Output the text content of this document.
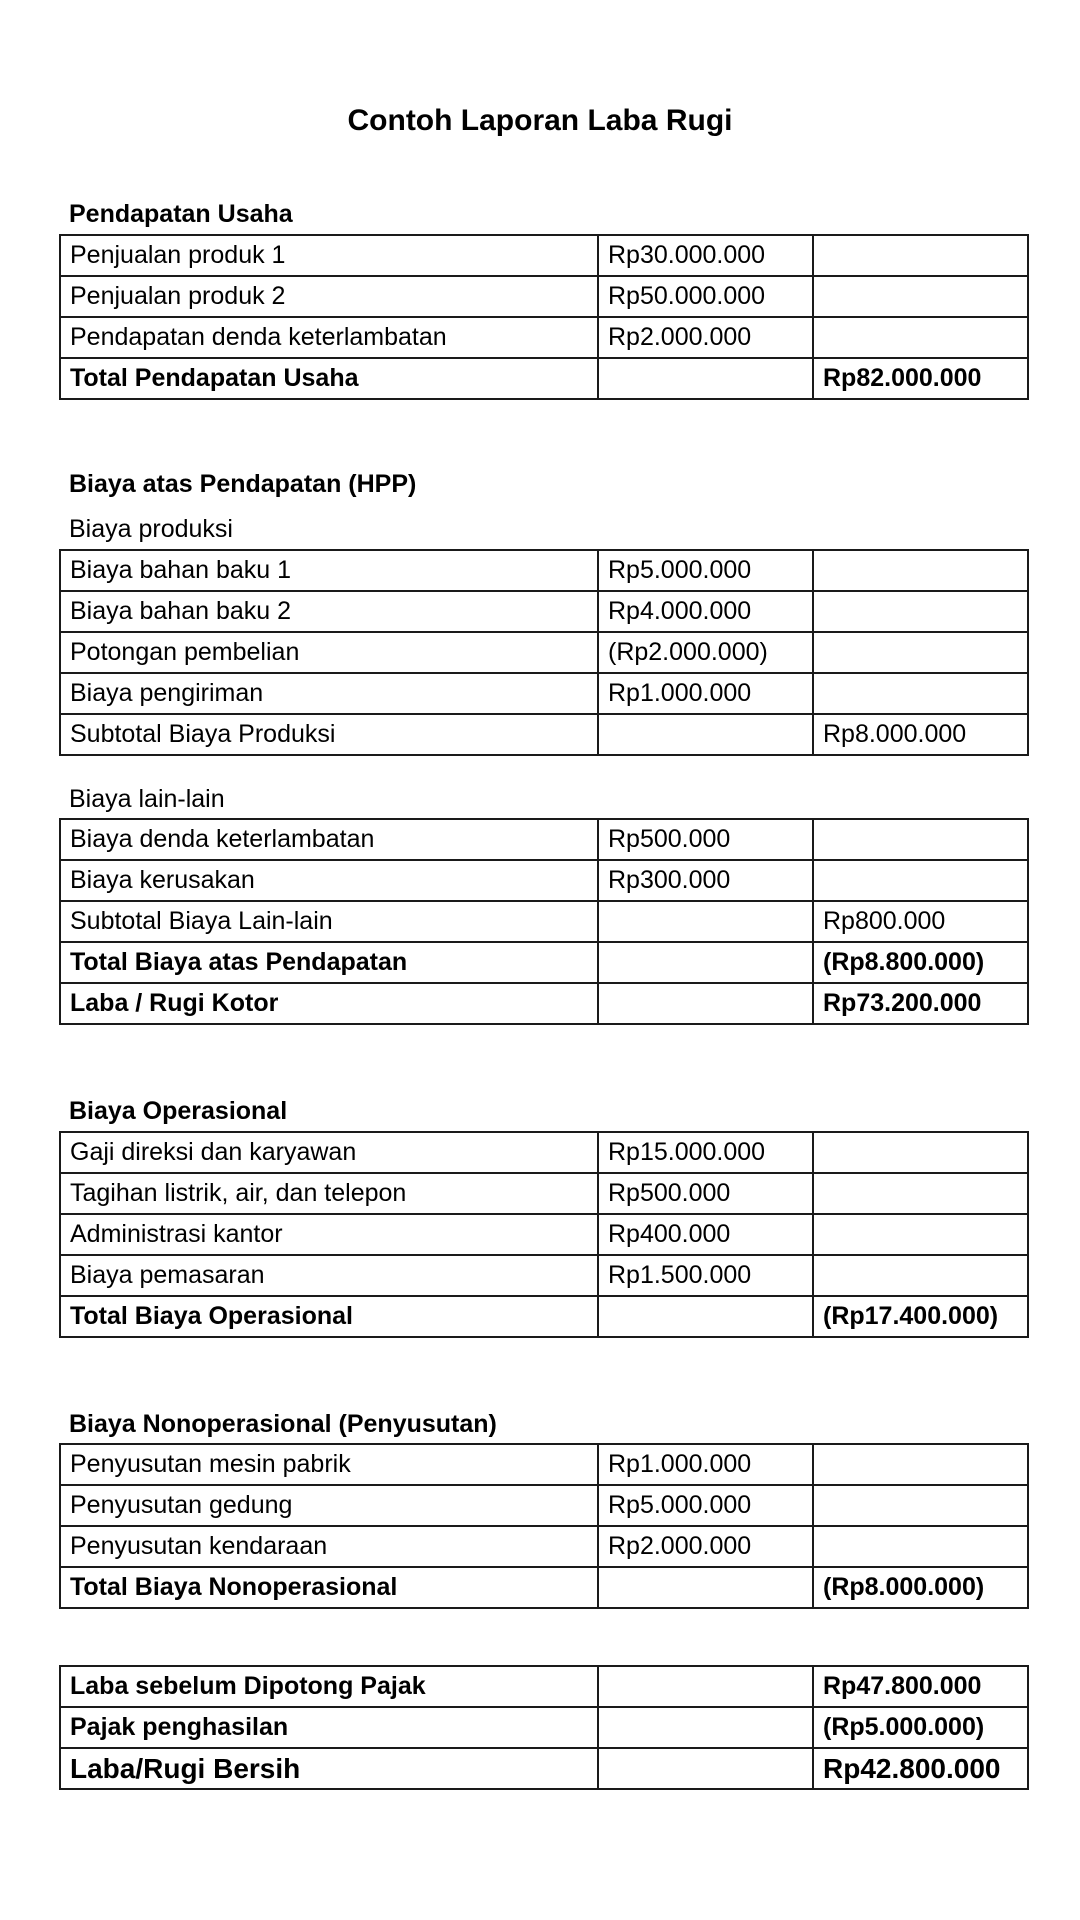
Contoh Laporan Laba Rugi
Pendapatan Usaha
Penjualan produk 1	Rp30.000.000	
Penjualan produk 2	Rp50.000.000	
Pendapatan denda keterlambatan	Rp2.000.000	
Total Pendapatan Usaha		Rp82.000.000
Biaya atas Pendapatan (HPP)
Biaya produksi
Biaya bahan baku 1	Rp5.000.000	
Biaya bahan baku 2	Rp4.000.000	
Potongan pembelian	(Rp2.000.000)	
Biaya pengiriman	Rp1.000.000	
Subtotal Biaya Produksi		Rp8.000.000
Biaya lain-lain
Biaya denda keterlambatan	Rp500.000	
Biaya kerusakan	Rp300.000	
Subtotal Biaya Lain-lain		Rp800.000
Total Biaya atas Pendapatan		(Rp8.800.000)
Laba / Rugi Kotor		Rp73.200.000
Biaya Operasional
Gaji direksi dan karyawan	Rp15.000.000	
Tagihan listrik, air, dan telepon	Rp500.000	
Administrasi kantor	Rp400.000	
Biaya pemasaran	Rp1.500.000	
Total Biaya Operasional		(Rp17.400.000)
Biaya Nonoperasional (Penyusutan)
Penyusutan mesin pabrik	Rp1.000.000	
Penyusutan gedung	Rp5.000.000	
Penyusutan kendaraan	Rp2.000.000	
Total Biaya Nonoperasional		(Rp8.000.000)
Laba sebelum Dipotong Pajak		Rp47.800.000
Pajak penghasilan		(Rp5.000.000)
Laba/Rugi Bersih		Rp42.800.000
